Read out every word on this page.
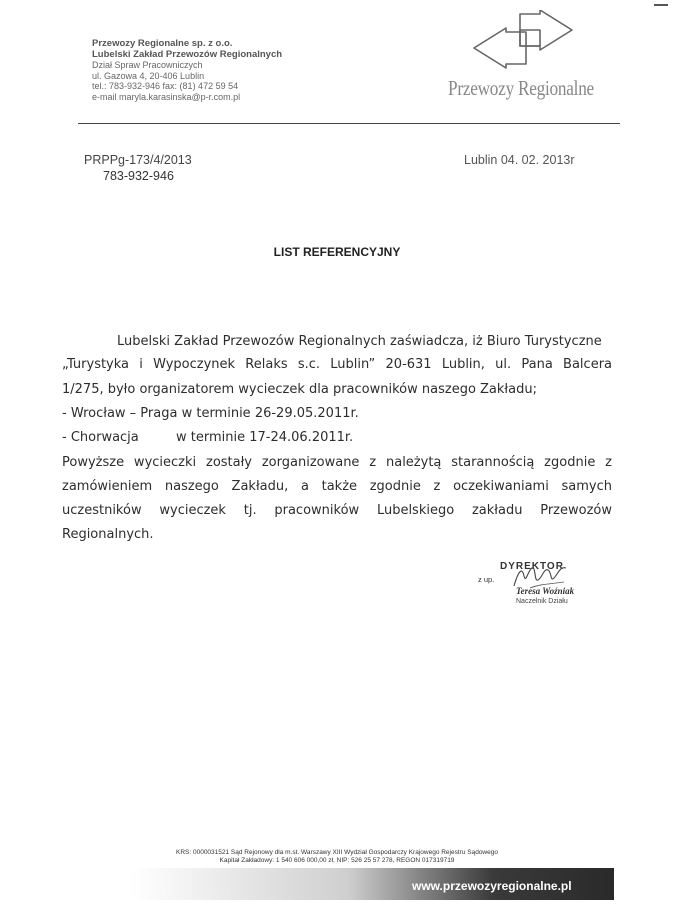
Przewozy Regionalne sp. z o.o.
Lubelski Zakład Przewozów Regionalnych
Dział Spraw Pracowniczych
ul. Gazowa 4, 20-406 Lublin
tel.: 783-932-946 fax: (81) 472 59 54
e-mail maryla.karasinska@p-r.com.pl	Przewozy Regionalne
PRPPg-173/4/2013
783-932-946
Lublin 04. 02. 2013r
LIST REFERENCYJNY
Lubelski Zakład Przewozów Regionalnych zaświadcza, iż Biuro Turystyczne
„Turystyka i Wypoczynek Relaks s.c. Lublin” 20-631 Lublin, ul. Pana Balcera
1/275, było organizatorem wycieczek dla pracowników naszego Zakładu;
- Wrocław – Praga w terminie 26-29.05.2011r.
- Chorwacja	w terminie 17-24.06.2011r.
Powyższe wycieczki zostały zorganizowane z należytą starannością zgodnie z
zamówieniem naszego Zakładu, a także zgodnie z oczekiwaniami samych
uczestników wycieczek tj. pracowników Lubelskiego zakładu Przewozów
Regionalnych.
DYREKTOR
z up.
Teresa Woźniak
Naczelnik Działu
KRS: 0000031521 Sąd Rejonowy dla m.st. Warszawy XIII Wydział Gospodarczy Krajowego Rejestru Sądowego
Kapitał Zakładowy: 1 540 606 000,00 zł, NIP: 526 25 57 278, REGON 017319719
www.przewozyregionalne.pl
